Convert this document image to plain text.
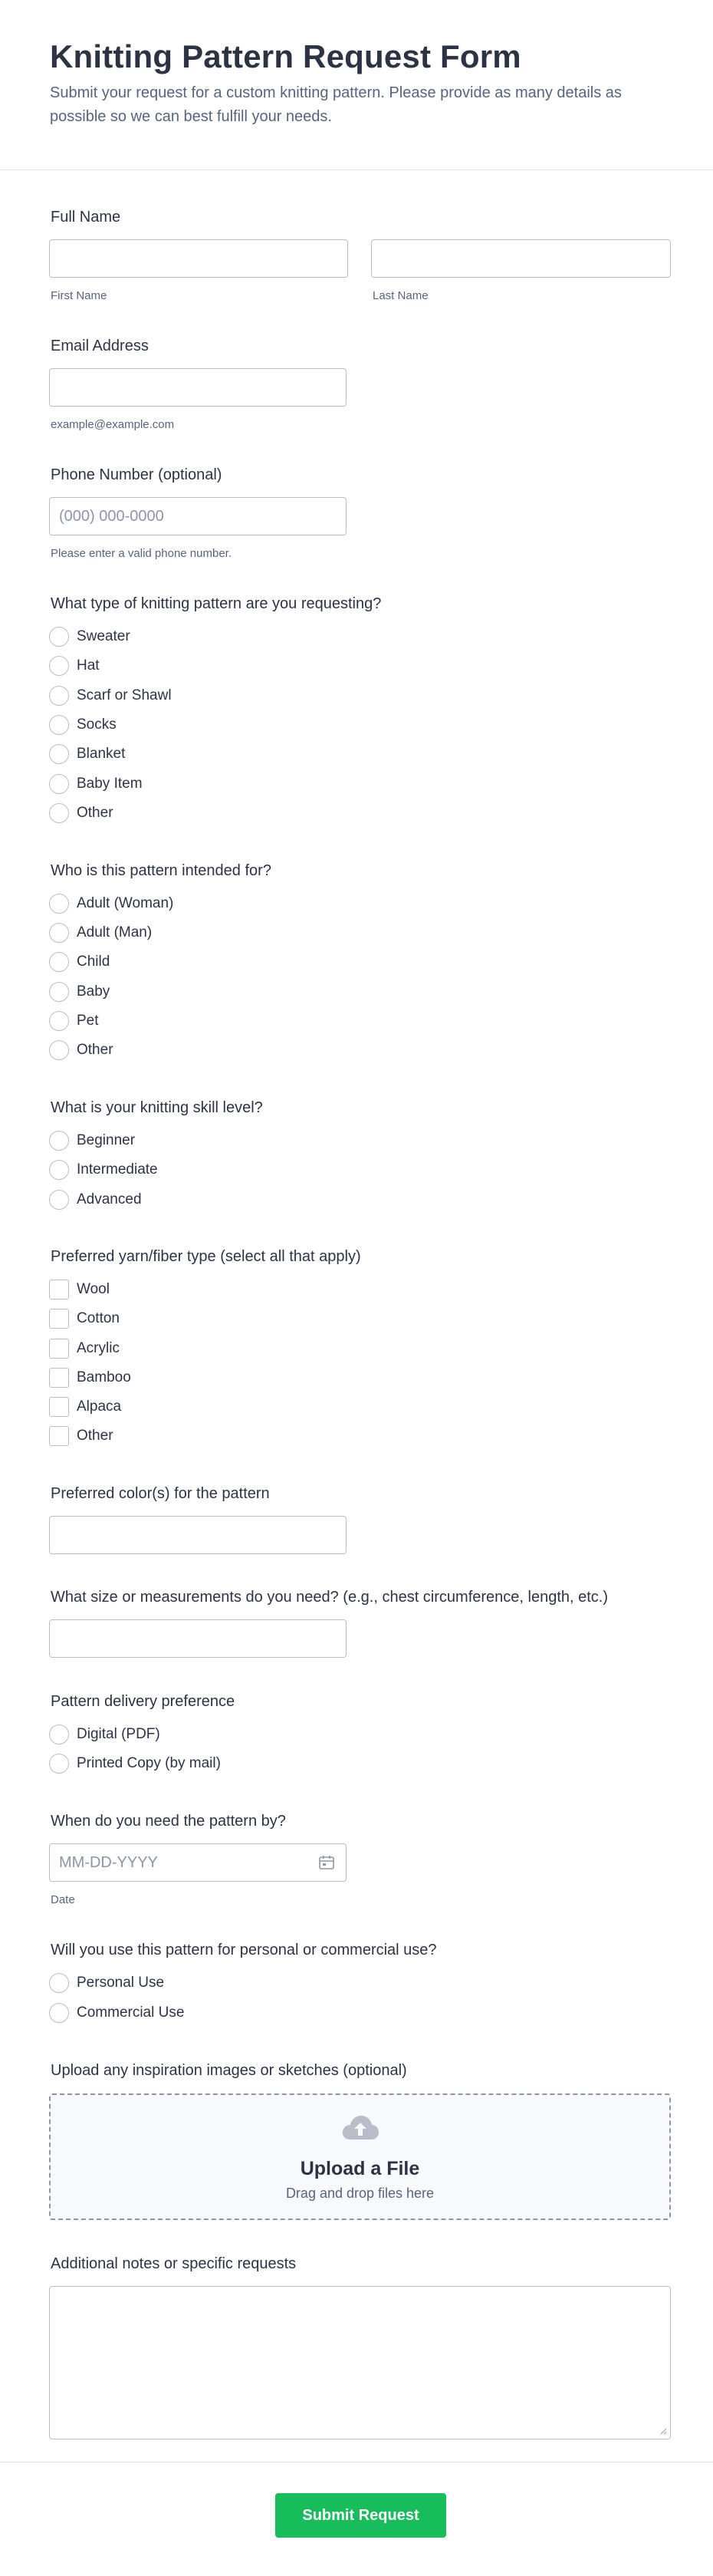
Knitting Pattern Request Form
Submit your request for a custom knitting pattern. Please provide as many details as possible so we can best fulfill your needs.
Full Name
First Name	Last Name
Email Address
example@example.com
Phone Number (optional)
(000) 000-0000
Please enter a valid phone number.
What type of knitting pattern are you requesting?
Sweater
Hat
Scarf or Shawl
Socks
Blanket
Baby Item
Other
Who is this pattern intended for?
Adult (Woman)
Adult (Man)
Child
Baby
Pet
Other
What is your knitting skill level?
Beginner
Intermediate
Advanced
Preferred yarn/fiber type (select all that apply)
Wool
Cotton
Acrylic
Bamboo
Alpaca
Other
Preferred color(s) for the pattern
What size or measurements do you need? (e.g., chest circumference, length, etc.)
Pattern delivery preference
Digital (PDF)
Printed Copy (by mail)
When do you need the pattern by?
MM-DD-YYYY
Date
Will you use this pattern for personal or commercial use?
Personal Use
Commercial Use
Upload any inspiration images or sketches (optional)
Upload a File
Drag and drop files here
Additional notes or specific requests
Submit Request
